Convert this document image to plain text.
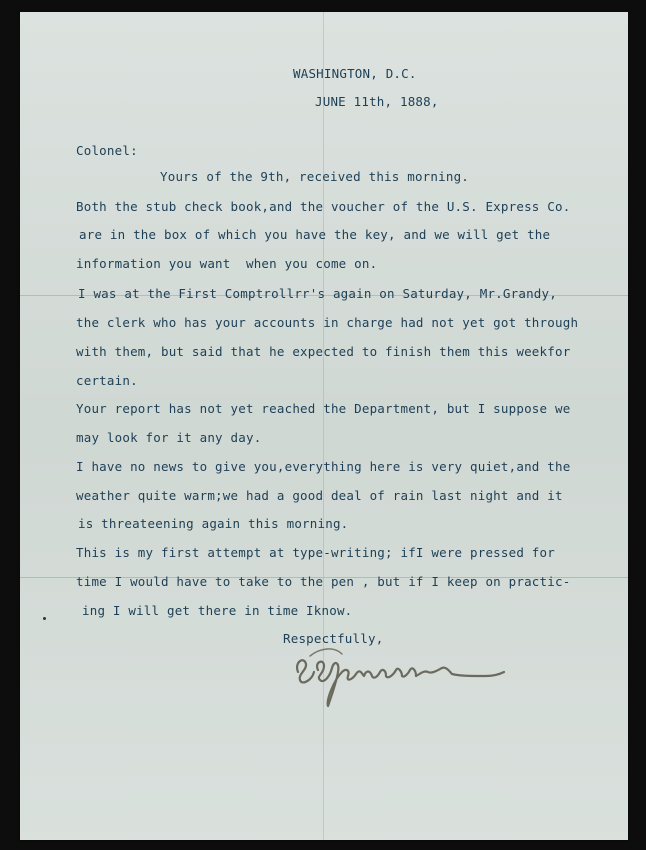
WASHINGTON, D.C.
JUNE 11th, 1888,
Colonel:
Yours of the 9th, received this morning.
Both the stub check book,and the voucher of the U.S. Express Co.
are in the box of which you have the key, and we will get the
information you want  when you come on.
I was at the First Comptrollrr's again on Saturday, Mr.Grandy,
the clerk who has your accounts in charge had not yet got through
with them, but said that he expected to finish them this weekfor
certain.
Your report has not yet reached the Department, but I suppose we
may look for it any day.
I have no news to give you,everything here is very quiet,and the
weather quite warm;we had a good deal of rain last night and it
is threateening again this morning.
This is my first attempt at type-writing; ifI were pressed for
time I would have to take to the pen , but if I keep on practic-
ing I will get there in time Iknow.
Respectfully,
